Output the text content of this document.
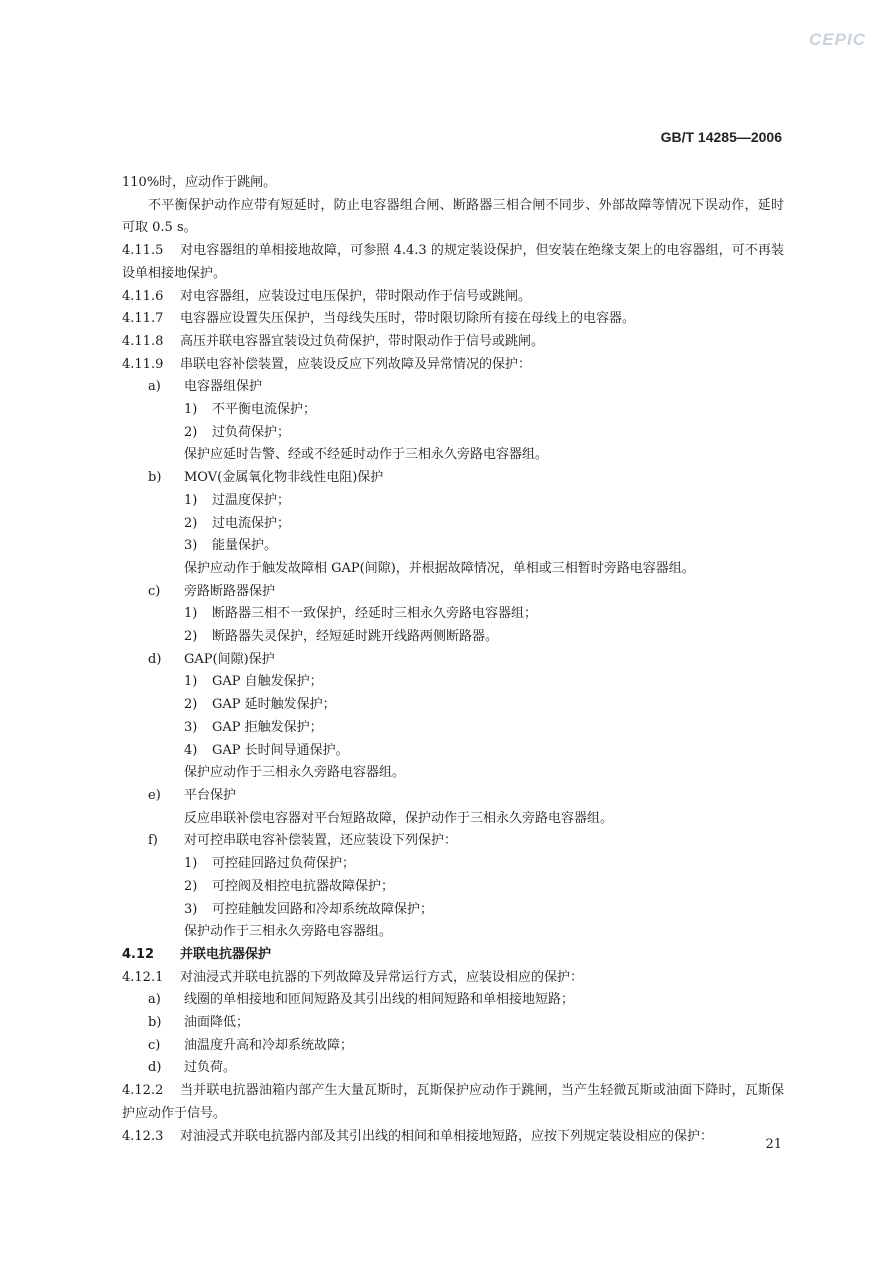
CEPIC
GB/T 14285—2006

110%时，应动作于跳闸。

不平衡保护动作应带有短延时，防止电容器组合闸、断路器三相合闸不同步、外部故障等情况下误动作，延时可取 0.5 s。

4.11.5 对电容器组的单相接地故障，可参照 4.4.3 的规定装设保护，但安装在绝缘支架上的电容器组，可不再装设单相接地保护。

4.11.6 对电容器组，应装设过电压保护，带时限动作于信号或跳闸。

4.11.7 电容器应设置失压保护，当母线失压时，带时限切除所有接在母线上的电容器。

4.11.8 高压并联电容器宜装设过负荷保护，带时限动作于信号或跳闸。

4.11.9 串联电容补偿装置，应装设反应下列故障及异常情况的保护：

a) 电容器组保护

1) 不平衡电流保护；

2) 过负荷保护；

保护应延时告警、经或不经延时动作于三相永久旁路电容器组。

b) MOV(金属氧化物非线性电阻)保护

1) 过温度保护；

2) 过电流保护；

3) 能量保护。

保护应动作于触发故障相 GAP(间隙)，并根据故障情况，单相或三相暂时旁路电容器组。

c) 旁路断路器保护

1) 断路器三相不一致保护，经延时三相永久旁路电容器组；

2) 断路器失灵保护，经短延时跳开线路两侧断路器。

d) GAP(间隙)保护

1) GAP 自触发保护；

2) GAP 延时触发保护；

3) GAP 拒触发保护；

4) GAP 长时间导通保护。

保护应动作于三相永久旁路电容器组。

e) 平台保护

反应串联补偿电容器对平台短路故障，保护动作于三相永久旁路电容器组。

f) 对可控串联电容补偿装置，还应装设下列保护：

1) 可控硅回路过负荷保护；

2) 可控阀及相控电抗器故障保护；

3) 可控硅触发回路和冷却系统故障保护；

保护动作于三相永久旁路电容器组。

4.12 并联电抗器保护

4.12.1 对油浸式并联电抗器的下列故障及异常运行方式，应装设相应的保护：

a) 线圈的单相接地和匝间短路及其引出线的相间短路和单相接地短路；

b) 油面降低；

c) 油温度升高和冷却系统故障；

d) 过负荷。

4.12.2 当并联电抗器油箱内部产生大量瓦斯时，瓦斯保护应动作于跳闸，当产生轻微瓦斯或油面下降时，瓦斯保护应动作于信号。

4.12.3 对油浸式并联电抗器内部及其引出线的相间和单相接地短路，应按下列规定装设相应的保护：

21
